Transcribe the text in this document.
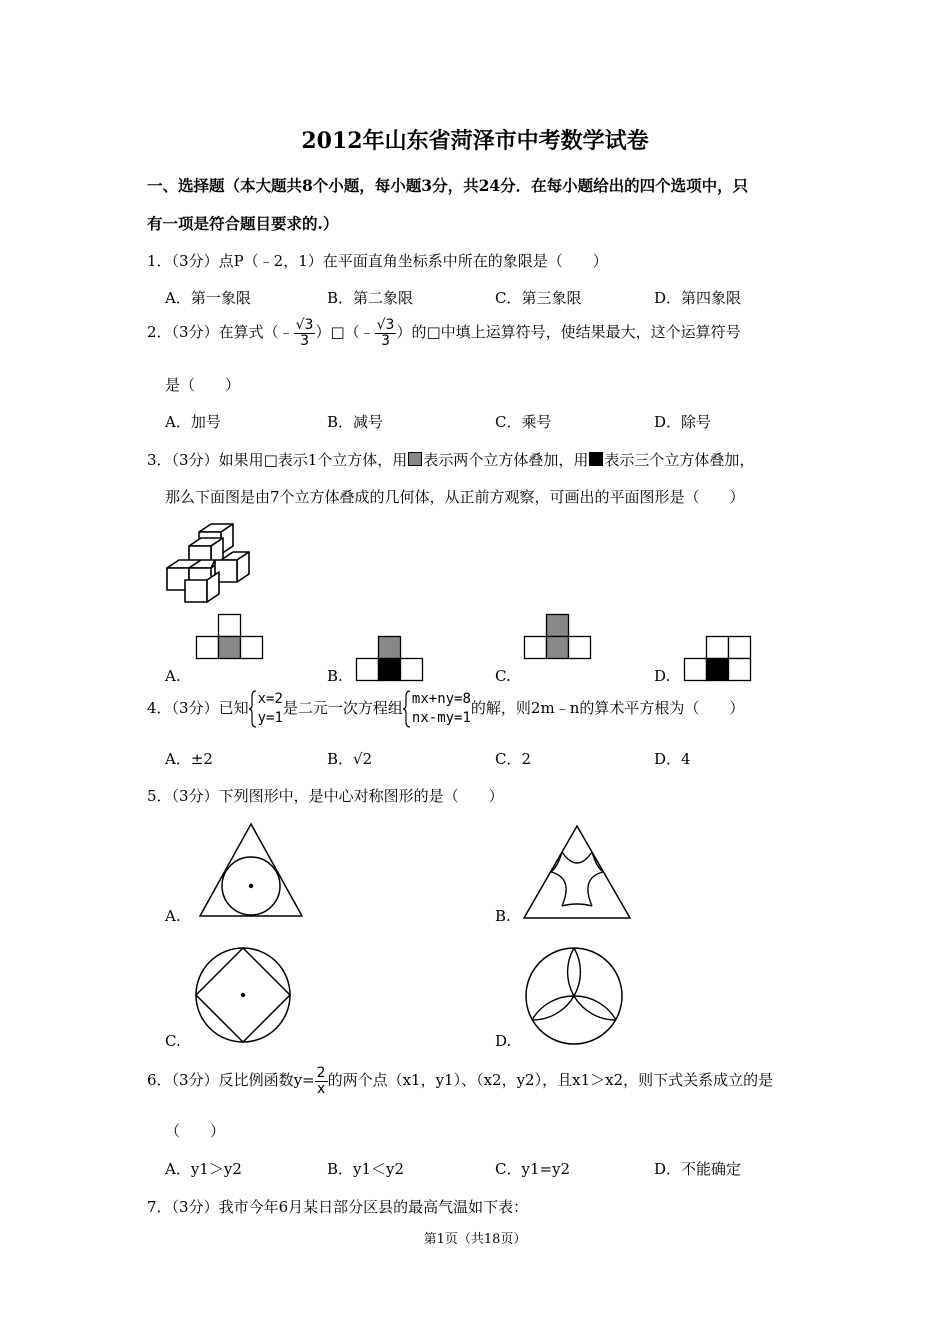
2012年山东省菏泽市中考数学试卷
一、选择题（本大题共8个小题，每小题3分，共24分．在每小题给出的四个选项中，只
有一项是符合题目要求的.）
1．（3分）点P（﹣2，1）在平面直角坐标系中所在的象限是（　　）
A．第一象限	B．第二象限	C．第三象限	D．第四象限
2．（3分）在算式（﹣ $\frac{√3}{3}$ ）□（﹣ $\frac{√3}{3}$ ）的□中填上运算符号，使结果最大，这个运算符号
是（　　）
A．加号	B．减号	C．乘号	D．除号
3．（3分）如果用□表示1个立方体，用 表示两个立方体叠加，用 表示三个立方体叠加，
那么下面图是由7个立方体叠成的几何体，从正前方观察，可画出的平面图形是（　　）
A.	B.	C.	D.
4．（3分）已知 x=2
y=1
是二元一次方程组 mx+ny=8
nx-my=1
的解，则2m﹣n的算术平方根为（　　）
A．±2	B．√2	C．2	D．4
5．（3分）下列图形中，是中心对称图形的是（　　）
A.	B.
C.	D.
6．（3分）反比例函数$y= \frac{2}{x}$ 的两个点（x1，y1）、（x2，y2），且x1＞x2，则下式关系成立的是
（　　）
A．y1＞y2	B．y1＜y2	C．y1=y2	D．不能确定
7．（3分）我市今年6月某日部分区县的最高气温如下表：
第1页（共18页）
